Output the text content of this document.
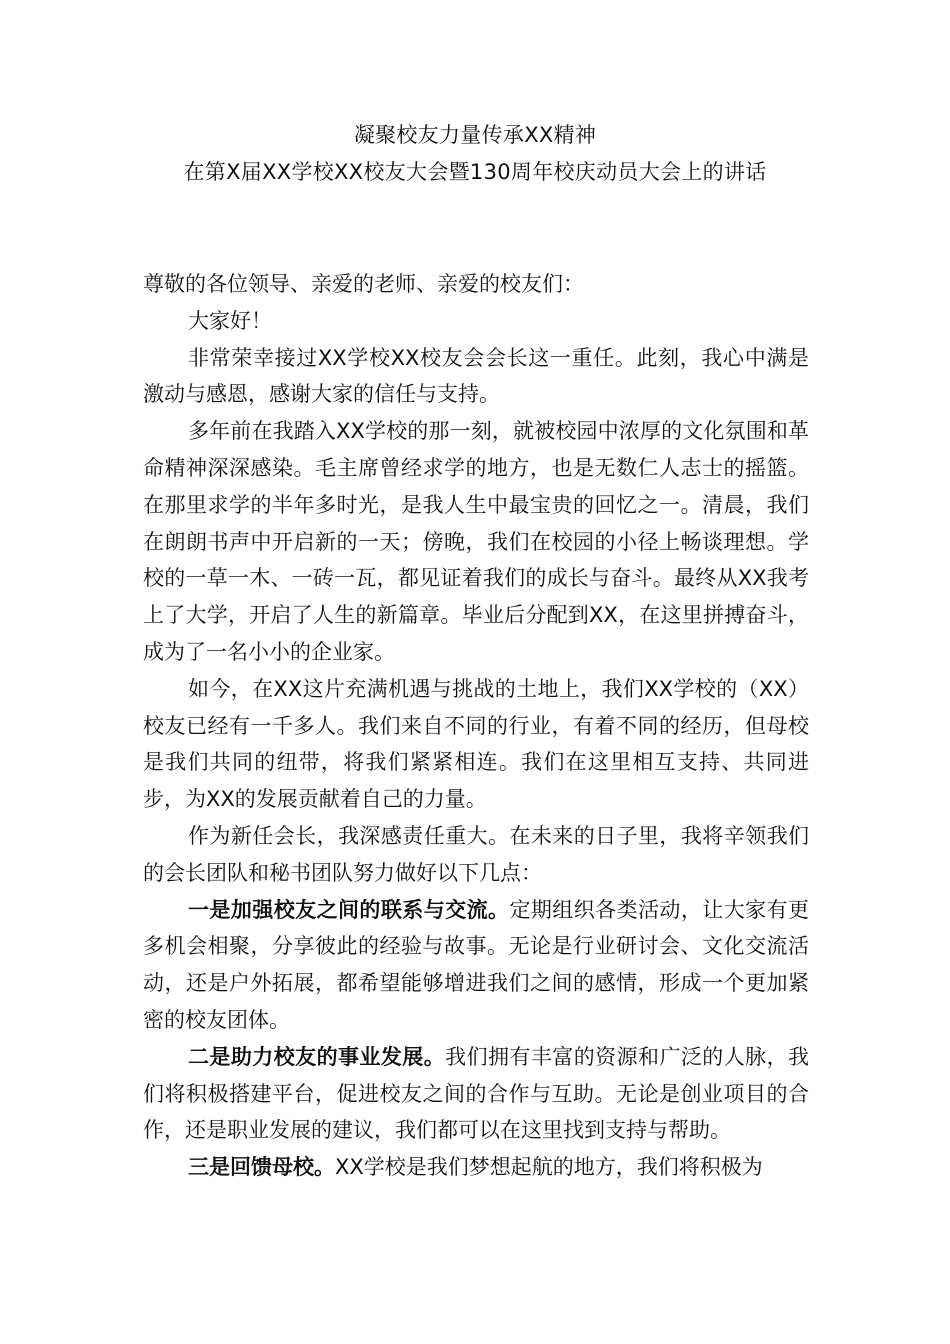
凝聚校友力量传承XX精神
在第X届XX学校XX校友大会暨130周年校庆动员大会上的讲话

尊敬的各位领导、亲爱的老师、亲爱的校友们：

大家好！

非常荣幸接过XX学校XX校友会会长这一重任。此刻，我心中满是激动与感恩，感谢大家的信任与支持。

多年前在我踏入XX学校的那一刻，就被校园中浓厚的文化氛围和革命精神深深感染。毛主席曾经求学的地方，也是无数仁人志士的摇篮。在那里求学的半年多时光，是我人生中最宝贵的回忆之一。清晨，我们在朗朗书声中开启新的一天；傍晚，我们在校园的小径上畅谈理想。学校的一草一木、一砖一瓦，都见证着我们的成长与奋斗。最终从XX我考上了大学，开启了人生的新篇章。毕业后分配到XX，在这里拼搏奋斗，成为了一名小小的企业家。

如今，在XX这片充满机遇与挑战的土地上，我们XX学校的（XX）校友已经有一千多人。我们来自不同的行业，有着不同的经历，但母校是我们共同的纽带，将我们紧紧相连。我们在这里相互支持、共同进步，为XX的发展贡献着自己的力量。

作为新任会长，我深感责任重大。在未来的日子里，我将辛领我们的会长团队和秘书团队努力做好以下几点：

一是加强校友之间的联系与交流。定期组织各类活动，让大家有更多机会相聚，分享彼此的经验与故事。无论是行业研讨会、文化交流活动，还是户外拓展，都希望能够增进我们之间的感情，形成一个更加紧密的校友团体。

二是助力校友的事业发展。我们拥有丰富的资源和广泛的人脉，我们将积极搭建平台，促进校友之间的合作与互助。无论是创业项目的合作，还是职业发展的建议，我们都可以在这里找到支持与帮助。

三是回馈母校。XX学校是我们梦想起航的地方，我们将积极为
